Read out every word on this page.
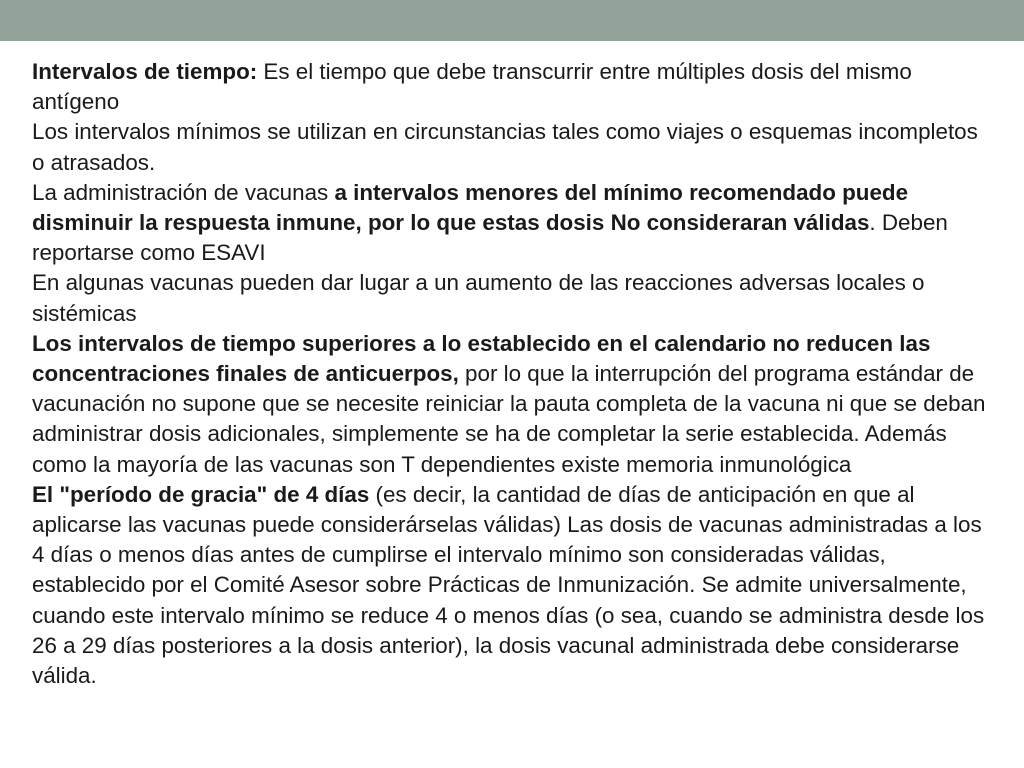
Intervalos de tiempo: Es el tiempo que debe transcurrir entre múltiples dosis del mismo antígeno

Los intervalos mínimos se utilizan en circunstancias tales como viajes o esquemas incompletos o atrasados.

La administración de vacunas a intervalos menores del mínimo recomendado puede disminuir la respuesta inmune, por lo que estas dosis No consideraran válidas. Deben reportarse como ESAVI

En algunas vacunas pueden dar lugar a un aumento de las reacciones adversas locales o sistémicas

Los intervalos de tiempo superiores a lo establecido en el calendario no reducen las concentraciones finales de anticuerpos, por lo que la interrupción del programa estándar de vacunación no supone que se necesite reiniciar la pauta completa de la vacuna ni que se deban administrar dosis adicionales, simplemente se ha de completar la serie establecida. Además como la mayoría de las vacunas son T dependientes existe memoria inmunológica

El "período de gracia" de 4 días (es decir, la cantidad de días de anticipación en que al aplicarse las vacunas puede considerárselas válidas) Las dosis de vacunas administradas a los 4 días o menos días antes de cumplirse el intervalo mínimo son consideradas válidas, establecido por el Comité Asesor sobre Prácticas de Inmunización. Se admite universalmente, cuando este intervalo mínimo se reduce 4 o menos días (o sea, cuando se administra desde los 26 a 29 días posteriores a la dosis anterior), la dosis vacunal administrada debe considerarse válida.
